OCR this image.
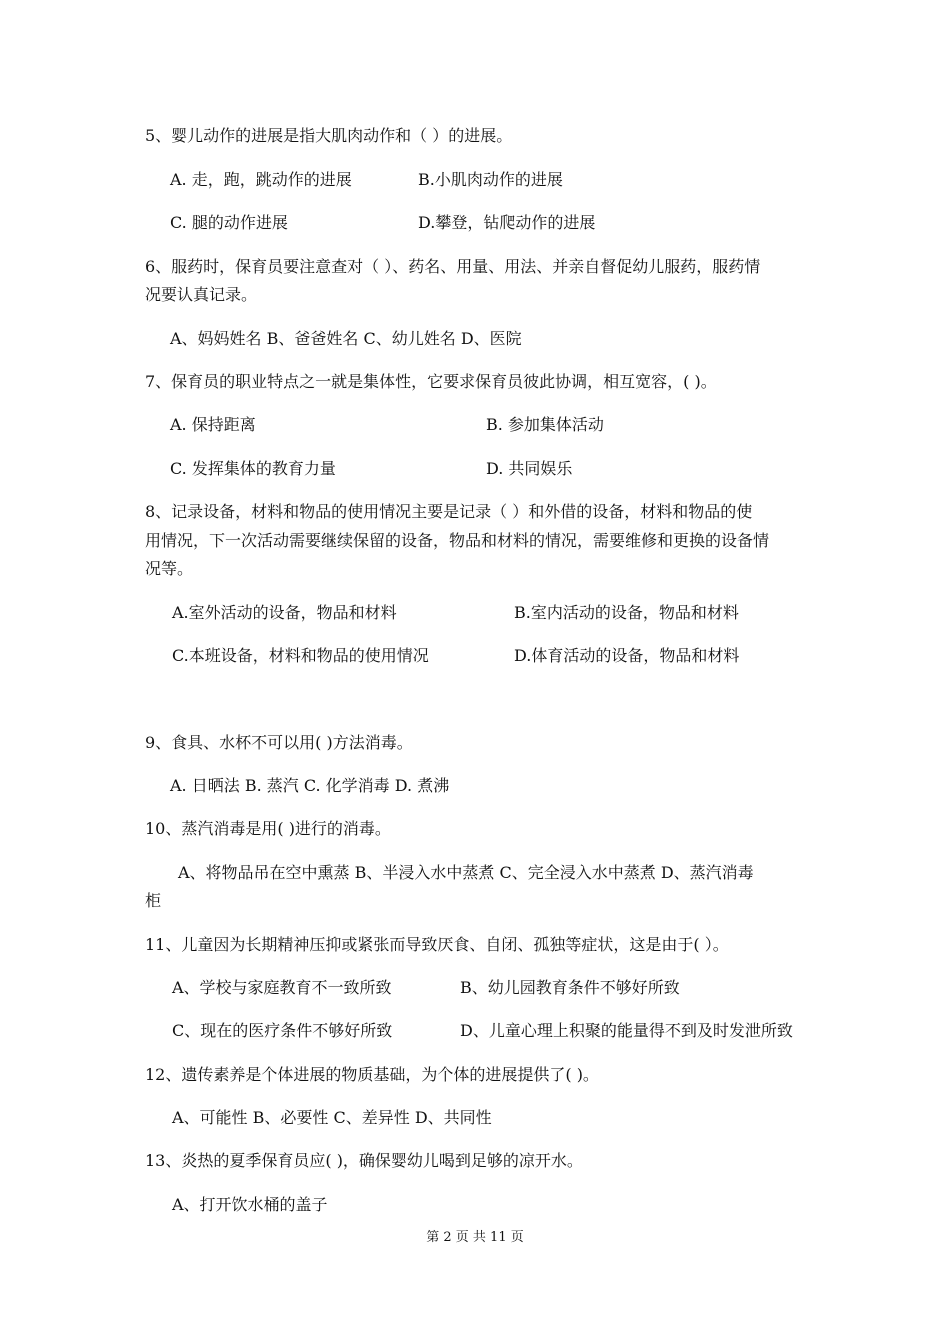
5、婴儿动作的进展是指大肌肉动作和（ ）的进展。
A. 走，跑，跳动作的进展	B.小肌肉动作的进展
C. 腿的动作进展	D.攀登，钻爬动作的进展
6、服药时，保育员要注意查对（ ）、药名、用量、用法、并亲自督促幼儿服药，服药情
况要认真记录。
A、妈妈姓名 B、爸爸姓名 C、幼儿姓名 D、医院
7、保育员的职业特点之一就是集体性，它要求保育员彼此协调，相互宽容，( )。
A. 保持距离	B. 参加集体活动
C. 发挥集体的教育力量	D. 共同娱乐
8、记录设备，材料和物品的使用情况主要是记录（ ）和外借的设备，材料和物品的使
用情况，下一次活动需要继续保留的设备，物品和材料的情况，需要维修和更换的设备情
况等。
A.室外活动的设备，物品和材料	B.室内活动的设备，物品和材料
C.本班设备，材料和物品的使用情况	D.体育活动的设备，物品和材料
9、食具、水杯不可以用( )方法消毒。
A. 日晒法 B. 蒸汽 C. 化学消毒 D. 煮沸
10、蒸汽消毒是用( )进行的消毒。
A、将物品吊在空中熏蒸 B、半浸入水中蒸煮 C、完全浸入水中蒸煮 D、蒸汽消毒
柜
11、儿童因为长期精神压抑或紧张而导致厌食、自闭、孤独等症状，这是由于( ）。
A、学校与家庭教育不一致所致	B、幼儿园教育条件不够好所致
C、现在的医疗条件不够好所致	D、儿童心理上积聚的能量得不到及时发泄所致
12、遗传素养是个体进展的物质基础，为个体的进展提供了( )。
A、可能性 B、必要性 C、差异性 D、共同性
13、炎热的夏季保育员应( )，确保婴幼儿喝到足够的凉开水。
A、打开饮水桶的盖子
第 2 页 共 11 页
